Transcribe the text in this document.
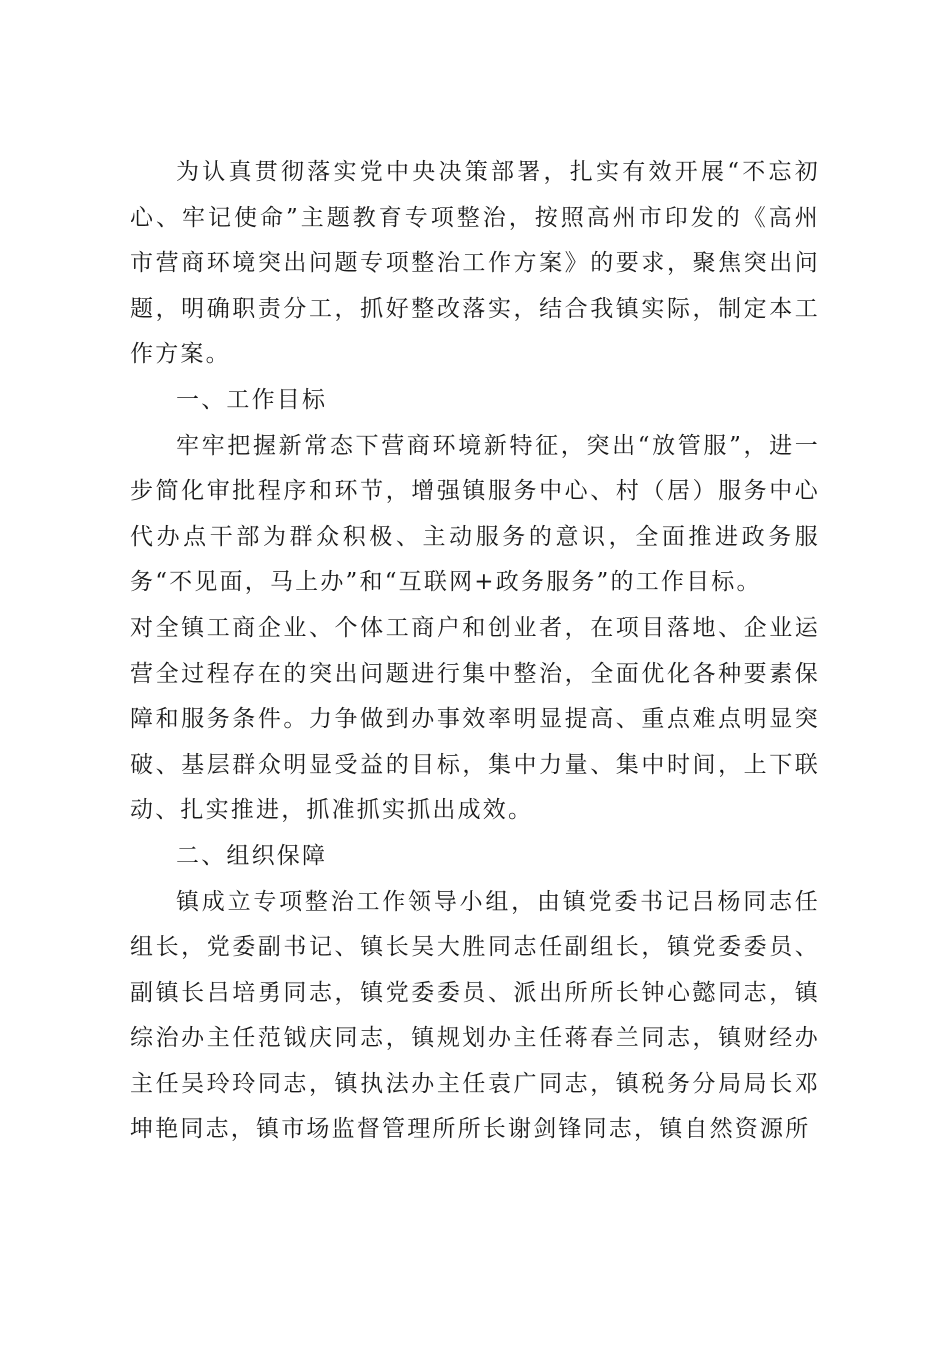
为认真贯彻落实党中央决策部署，扎实有效开展“不忘初心、牢记使命”主题教育专项整治，按照高州市印发的《高州市营商环境突出问题专项整治工作方案》的要求，聚焦突出问题，明确职责分工，抓好整改落实，结合我镇实际，制定本工作方案。

一、工作目标

牢牢把握新常态下营商环境新特征，突出“放管服”，进一步简化审批程序和环节，增强镇服务中心、村（居）服务中心代办点干部为群众积极、主动服务的意识，全面推进政务服务“不见面，马上办”和“互联网+政务服务”的工作目标。

对全镇工商企业、个体工商户和创业者，在项目落地、企业运营全过程存在的突出问题进行集中整治，全面优化各种要素保障和服务条件。力争做到办事效率明显提高、重点难点明显突破、基层群众明显受益的目标，集中力量、集中时间，上下联动、扎实推进，抓准抓实抓出成效。

二、组织保障

镇成立专项整治工作领导小组，由镇党委书记吕杨同志任组长，党委副书记、镇长吴大胜同志任副组长，镇党委委员、副镇长吕培勇同志，镇党委委员、派出所所长钟心懿同志，镇综治办主任范钺庆同志，镇规划办主任蒋春兰同志，镇财经办主任吴玲玲同志，镇执法办主任袁广同志，镇税务分局局长邓坤艳同志，镇市场监督管理所所长谢剑锋同志，镇自然资源所
